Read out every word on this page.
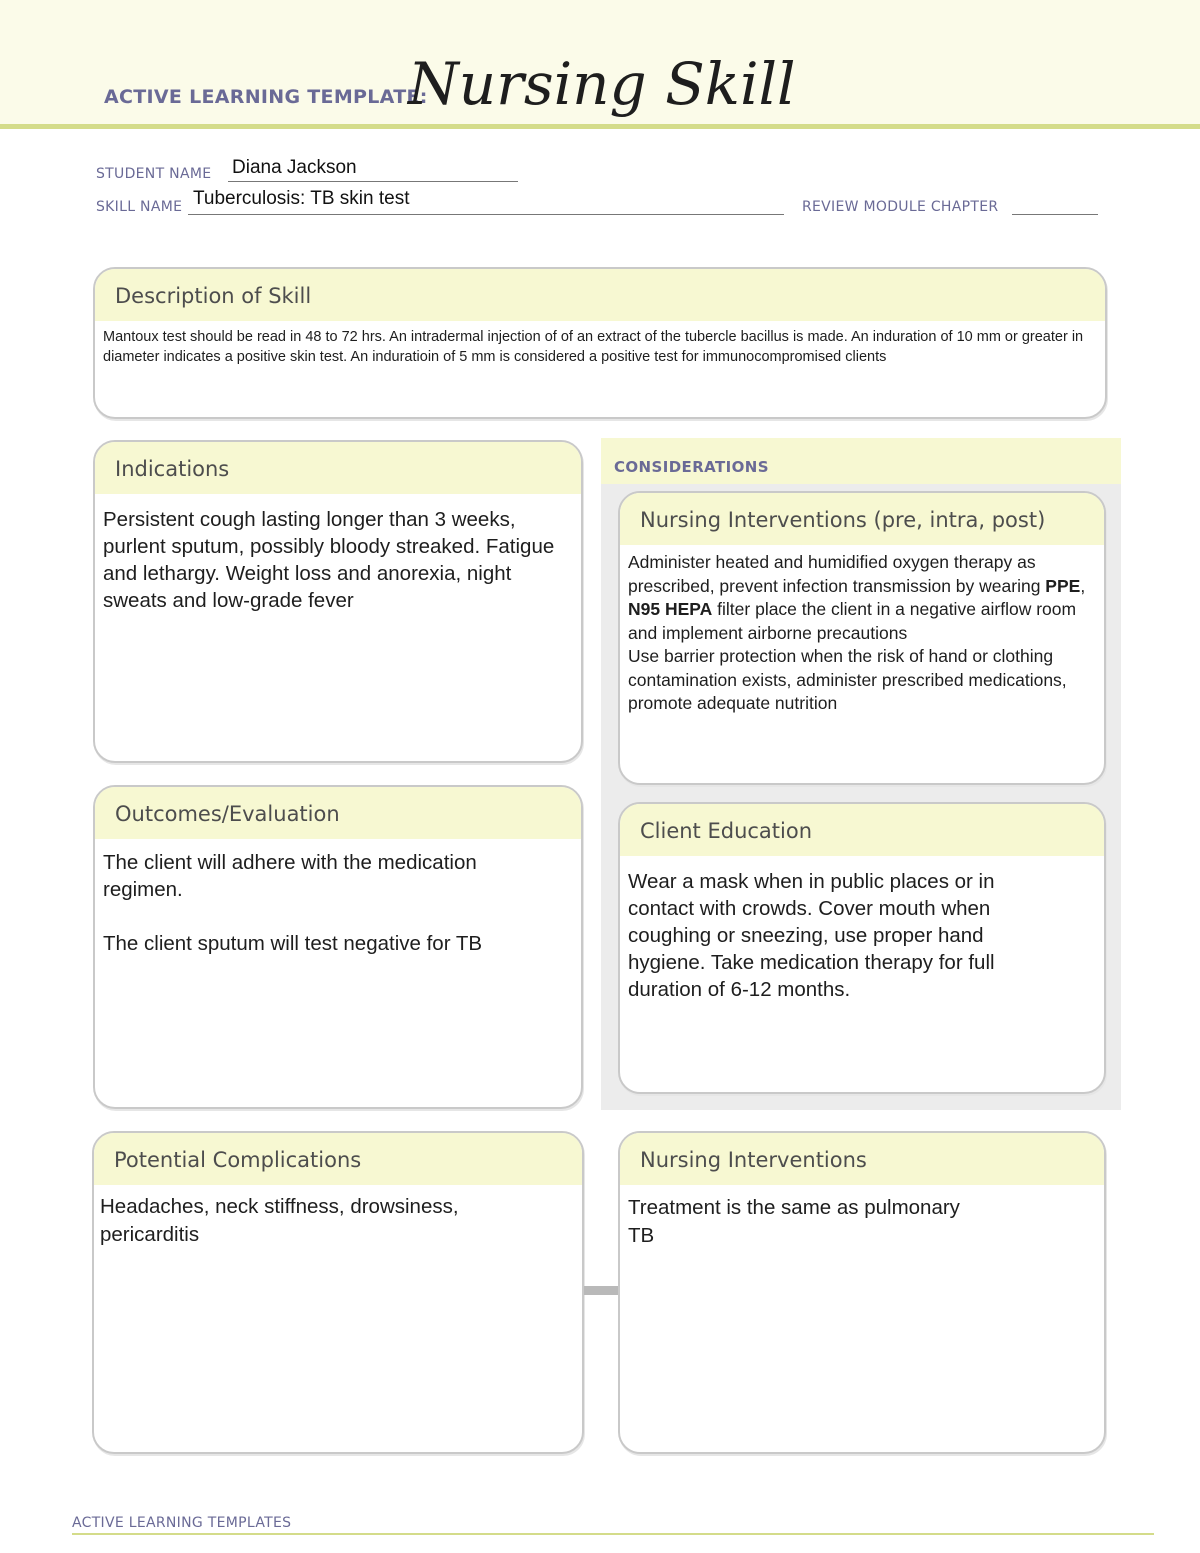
ACTIVE LEARNING TEMPLATE:
Nursing Skill
STUDENT NAME Diana Jackson
SKILL NAME Tuberculosis: TB skin test	REVIEW MODULE CHAPTER
Description of Skill

Mantoux test should be read in 48 to 72 hrs. An intradermal injection of of an extract of the tubercle bacillus is made. An induration of 10 mm or greater in diameter indicates a positive skin test. An induratioin of 5 mm is considered a positive test for immunocompromised clients

Indications

Persistent cough lasting longer than 3 weeks, purlent sputum, possibly bloody streaked. Fatigue and lethargy. Weight loss and anorexia, night sweats and low-grade fever

Outcomes/Evaluation

The client will adhere with the medication regimen.

The client sputum will test negative for TB

CONSIDERATIONS
Nursing Interventions (pre, intra, post)

Administer heated and humidified oxygen therapy as prescribed, prevent infection transmission by wearing PPE, N95 HEPA filter place the client in a negative airflow room and implement airborne precautions

Use barrier protection when the risk of hand or clothing contamination exists, administer prescribed medications, promote adequate nutrition

Client Education

Wear a mask when in public places or in contact with crowds. Cover mouth when coughing or sneezing, use proper hand hygiene. Take medication therapy for full duration of 6-12 months.

Potential Complications

Headaches, neck stiffness, drowsiness, pericarditis

Nursing Interventions

Treatment is the same as pulmonary

TB

ACTIVE LEARNING TEMPLATES
